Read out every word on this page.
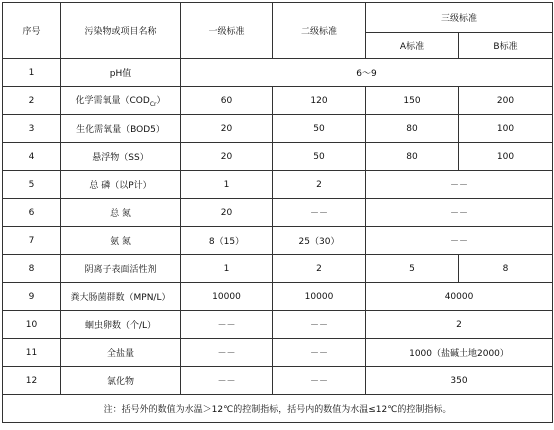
序号	污染物或项目名称	一级标准	二级标准	三级标准	
				A标准	B标准
1	pH值	6～9			
2	化学需氧量$(COD_{Cr})$	60	120	150	200
3	生化需氧量（BOD5）	20	50	80	100
4	悬浮物（SS）	20	50	80	100
5	总 磷（以P计）	1	2	－－	
6	总 氮	20	－－	－－	
7	氨 氮	8（15）	25（30）	－－	
8	阴离子表面活性剂	1	2	5	8
9	粪大肠菌群数（MPN/L）	10000	10000	40000	
10	蛔虫卵数（个/L）	－－	－－	2	
11	全盐量	－－	－－	1000（盐碱土地2000）	
12	氯化物	－－	－－	350	
注：括号外的数值为水温＞12℃的控制指标，括号内的数值为水温≤12℃的控制指标。					
